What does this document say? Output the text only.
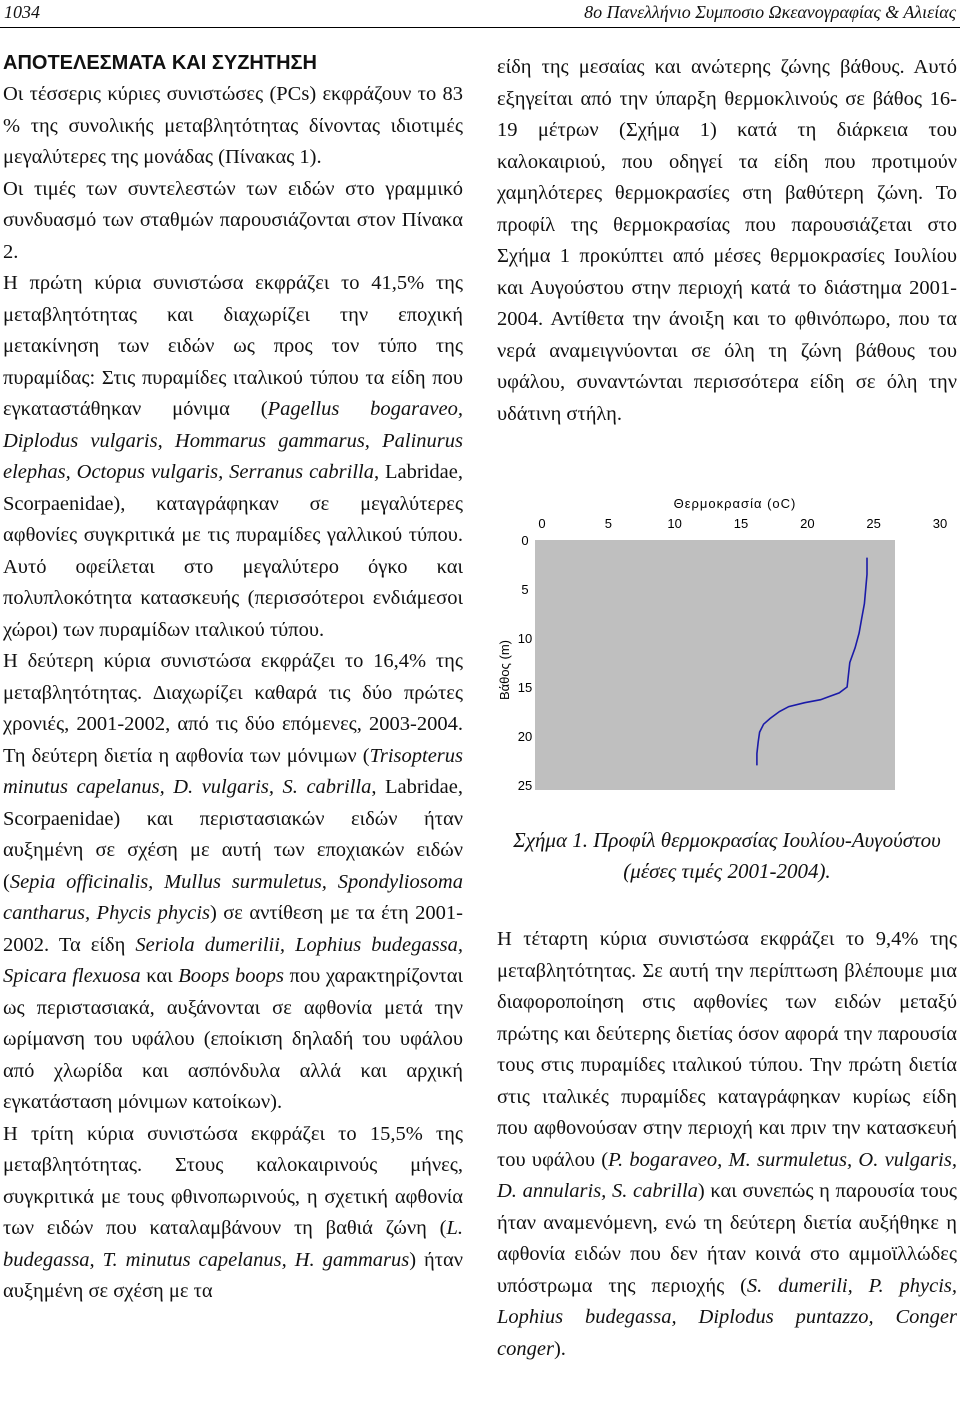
1034	8ο Πανελλήνιο Συμποσιο Ωκεανογραφίας & Αλιείας
ΑΠΟΤΕΛΕΣΜΑΤΑ ΚΑΙ ΣΥΖΗΤΗΣΗ

Οι τέσσερις κύριες συνιστώσες (PCs) εκφράζουν το 83 % της συνολικής μεταβλητότητας δίνοντας ιδιοτιμές μεγαλύτερες της μονάδας (Πίνακας 1).

Οι τιμές των συντελεστών των ειδών στο γραμμικό συνδυασμό των σταθμών παρουσιάζονται στον Πίνακα 2.

Η πρώτη κύρια συνιστώσα εκφράζει το 41,5% της μεταβλητότητας και διαχωρίζει την εποχική μετακίνηση των ειδών ως προς τον τύπο της πυραμίδας: Στις πυραμίδες ιταλικού τύπου τα είδη που εγκαταστάθηκαν μόνιμα (Pagellus bogaraveo, Diplodus vulgaris, Hommarus gammarus, Palinurus elephas, Octopus vulgaris, Serranus cabrilla, Labridae, Scorpaenidae), καταγράφηκαν σε μεγαλύτερες αφθονίες συγκριτικά με τις πυραμίδες γαλλικού τύπου. Αυτό οφείλεται στο μεγαλύτερο όγκο και πολυπλοκότητα κατασκευής (περισσότεροι ενδιάμεσοι χώροι) των πυραμίδων ιταλικού τύπου.

Η δεύτερη κύρια συνιστώσα εκφράζει το 16,4% της μεταβλητότητας. Διαχωρίζει καθαρά τις δύο πρώτες χρονιές, 2001-2002, από τις δύο επόμενες, 2003-2004. Τη δεύτερη διετία η αφθονία των μόνιμων (Trisopterus minutus capelanus, D. vulgaris, S. cabrilla, Labridae, Scorpaenidae) και περιστασιακών ειδών ήταν αυξημένη σε σχέση με αυτή των εποχιακών ειδών (Sepia officinalis, Mullus surmuletus, Spondyliosoma cantharus, Phycis phycis) σε αντίθεση με τα έτη 2001-2002. Τα είδη Seriola dumerilii, Lophius budegassa, Spicara flexuosa και Boops boops που χαρακτηρίζονται ως περιστασιακά, αυξάνονται σε αφθονία μετά την ωρίμανση του υφάλου (εποίκιση δηλαδή του υφάλου από χλωρίδα και ασπόνδυλα αλλά και αρχική εγκατάσταση μόνιμων κατοίκων).

Η τρίτη κύρια συνιστώσα εκφράζει το 15,5% της μεταβλητότητας. Στους καλοκαιρινούς μήνες, συγκριτικά με τους φθινοπωρινούς, η σχετική αφθονία των ειδών που καταλαμβάνουν τη βαθιά ζώνη (L. budegassa, T. minutus capelanus, H. gammarus) ήταν αυξημένη σε σχέση με τα

είδη της μεσαίας και ανώτερης ζώνης βάθους. Αυτό εξηγείται από την ύπαρξη θερμοκλινούς σε βάθος 16-19 μέτρων (Σχήμα 1) κατά τη διάρκεια του καλοκαιριού, που οδηγεί τα είδη που προτιμούν χαμηλότερες θερμοκρασίες στη βαθύτερη ζώνη. Το προφίλ της θερμοκρασίας που παρουσιάζεται στο Σχήμα 1 προκύπτει από μέσες θερμοκρασίες Ιουλίου και Αυγούστου στην περιοχή κατά το διάστημα 2001-2004. Αντίθετα την άνοιξη και το φθινόπωρο, που τα νερά αναμειγνύονται σε όλη τη ζώνη βάθους του υφάλου, συναντώνται περισσότερα είδη σε όλη την υδάτινη στήλη.

Θερμοκρασία (oC)
0	5	10	15	20	25	30
0
5
10
15
20
25
Βάθος (m)
Σχήμα 1. Προφίλ θερμοκρασίας Ιουλίου-Αυγούστου (μέσες τιμές 2001-2004).

Η τέταρτη κύρια συνιστώσα εκφράζει το 9,4% της μεταβλητότητας. Σε αυτή την περίπτωση βλέπουμε μια διαφοροποίηση στις αφθονίες των ειδών μεταξύ πρώτης και δεύτερης διετίας όσον αφορά την παρουσία τους στις πυραμίδες ιταλικού τύπου. Την πρώτη διετία στις ιταλικές πυραμίδες καταγράφηκαν κυρίως είδη που αφθονούσαν στην περιοχή και πριν την κατασκευή του υφάλου (P. bogaraveo, M. surmuletus, O. vulgaris, D. annularis, S. cabrilla) και συνεπώς η παρουσία τους ήταν αναμενόμενη, ενώ τη δεύτερη διετία αυξήθηκε η αφθονία ειδών που δεν ήταν κοινά στο αμμοϊλλώδες υπόστρωμα της περιοχής (S. dumerili, P. phycis, Lophius budegassa, Diplodus puntazzo, Conger conger).
